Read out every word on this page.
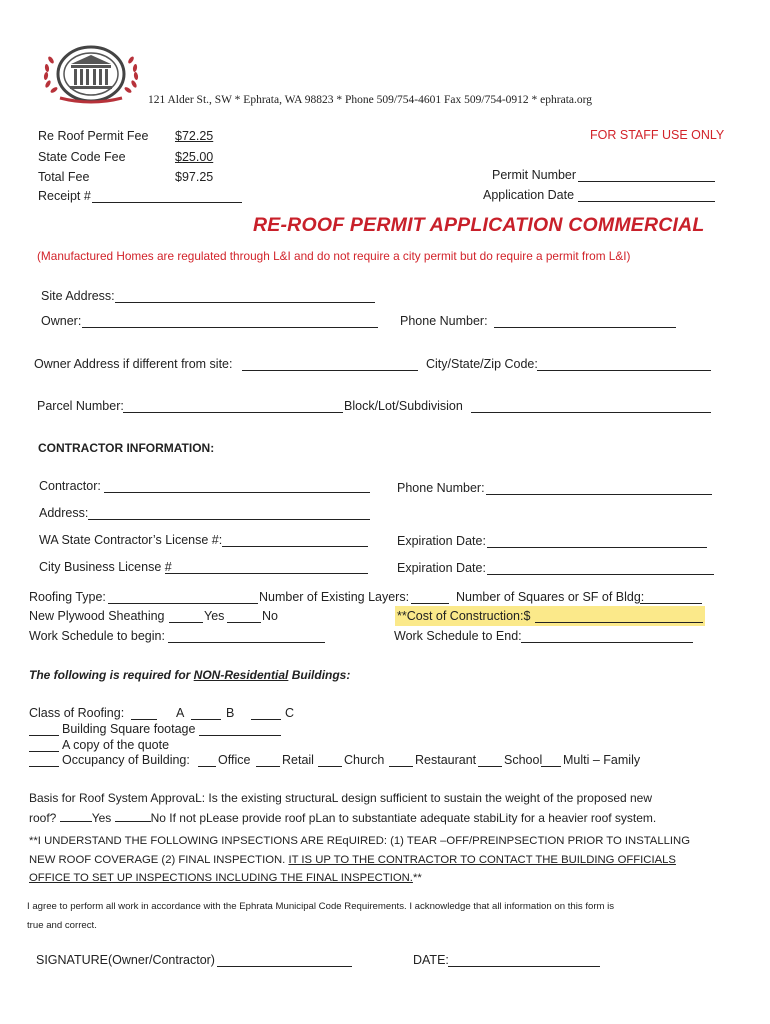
121 Alder St., SW * Ephrata, WA 98823 * Phone 509/754-4601 Fax 509/754-0912 * ephrata.org
Re Roof Permit Fee $72.25
State Code Fee	$25.00
Total Fee	$97.25
Receipt #
FOR STAFF USE ONLY
Permit Number
Application Date
RE-ROOF PERMIT APPLICATION COMMERCIAL
(Manufactured Homes are regulated through L&I and do not require a city permit but do require a permit from L&I)
Site Address:
Owner:	Phone Number:
Owner Address if different from site:	City/State/Zip Code:
Parcel Number:	Block/Lot/Subdivision
CONTRACTOR INFORMATION:
Contractor:	Phone Number:
Address:
WA State Contractor’s License #:	Expiration Date:
City Business License #	Expiration Date:
Roofing Type:	Number of Existing Layers:	Number of Squares or SF of Bldg:
New Plywood Sheathing	Yes	No	**Cost of Construction:$
Work Schedule to begin:	Work Schedule to End:
The following is required for NON-Residential Buildings:
Class of Roofing:	A	B	C
Building Square footage
A copy of the quote
Occupancy of Building: Office	Retail Church Restaurant School Multi – Family
Basis for Roof System ApprovaL: Is the existing structuraL design sufficient to sustain the weight of the proposed new
roof?	Yes	No If not pLease provide roof pLan to substantiate adequate stabiLity for a heavier roof system.
**I UNDERSTAND THE FOLLOWING INPSECTIONS ARE REqUIRED: (1) TEAR –OFF/PREINPSECTION PRIOR TO INSTALLING
NEW ROOF COVERAGE (2) FINAL INSPECTION. IT IS UP TO THE CONTRACTOR TO CONTACT THE BUILDING OFFICIALS
OFFICE TO SET UP INSPECTIONS INCLUDING THE FINAL INSPECTION.**
I agree to perform all work in accordance with the Ephrata Municipal Code Requirements. I acknowledge that all information on this form is
true and correct.
SIGNATURE(Owner/Contractor)	DATE:
